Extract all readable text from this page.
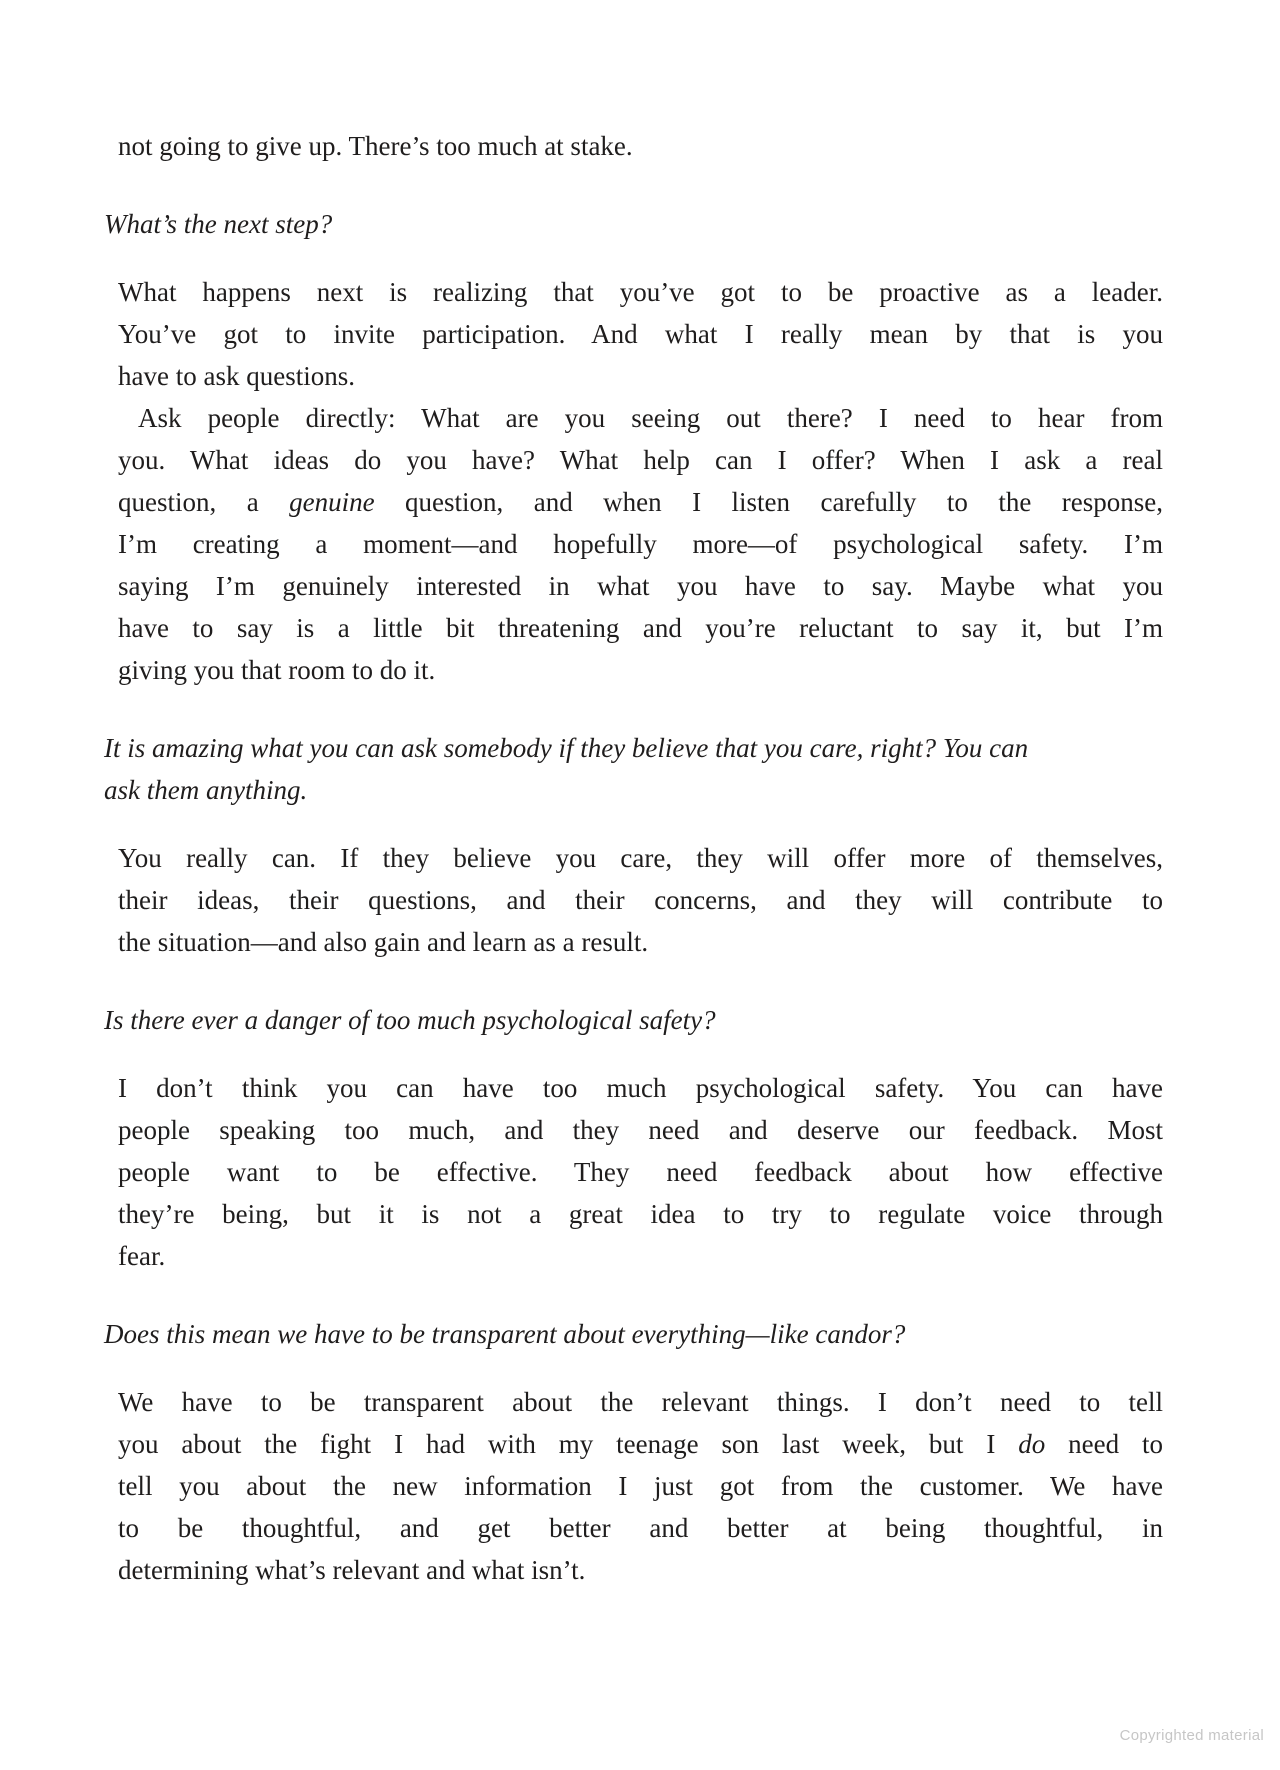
not going to give up. There’s too much at stake.
What’s the next step?
What happens next is realizing that you’ve got to be proactive as a leader.
You’ve got to invite participation. And what I really mean by that is you
have to ask questions.
Ask people directly: What are you seeing out there? I need to hear from
you. What ideas do you have? What help can I offer? When I ask a real
question, a genuine question, and when I listen carefully to the response,
I’m creating a moment—and hopefully more—of psychological safety. I’m
saying I’m genuinely interested in what you have to say. Maybe what you
have to say is a little bit threatening and you’re reluctant to say it, but I’m
giving you that room to do it.
It is amazing what you can ask somebody if they believe that you care, right? You can
ask them anything.
You really can. If they believe you care, they will offer more of themselves,
their ideas, their questions, and their concerns, and they will contribute to
the situation—and also gain and learn as a result.
Is there ever a danger of too much psychological safety?
I don’t think you can have too much psychological safety. You can have
people speaking too much, and they need and deserve our feedback. Most
people want to be effective. They need feedback about how effective
they’re being, but it is not a great idea to try to regulate voice through
fear.
Does this mean we have to be transparent about everything—like candor?
We have to be transparent about the relevant things. I don’t need to tell
you about the fight I had with my teenage son last week, but I do need to
tell you about the new information I just got from the customer. We have
to be thoughtful, and get better and better at being thoughtful, in
determining what’s relevant and what isn’t.
Copyrighted material
